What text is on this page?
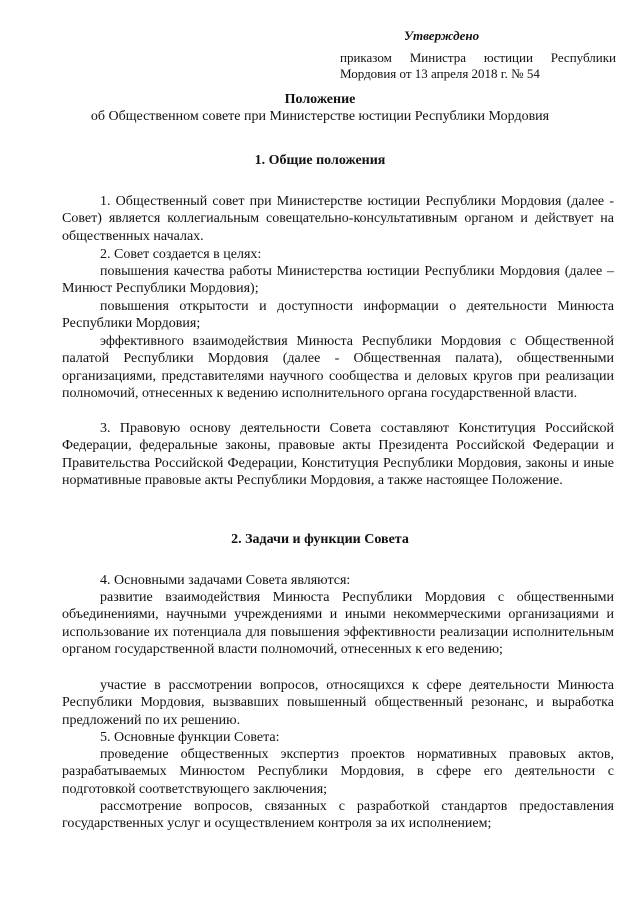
Утверждено
приказом Министра юстиции Республики Мордовия от 13 апреля 2018 г. № 54
Положение
об Общественном совете при Министерстве юстиции Республики Мордовия
1. Общие положения

1. Общественный совет при Министерстве юстиции Республики Мордовия (далее - Совет) является коллегиальным совещательно-консультативным органом и действует на общественных началах.

2. Совет создается в целях:

повышения качества работы Министерства юстиции Республики Мордовия (далее – Минюст Республики Мордовия);

повышения открытости и доступности информации о деятельности Минюста Республики Мордовия;

эффективного взаимодействия Минюста Республики Мордовия с Общественной палатой Республики Мордовия (далее - Общественная палата), общественными организациями, представителями научного сообщества и деловых кругов при реализации полномочий, отнесенных к ведению исполнительного органа государственной власти.

3. Правовую основу деятельности Совета составляют Конституция Российской Федерации, федеральные законы, правовые акты Президента Российской Федерации и Правительства Российской Федерации, Конституция Республики Мордовия, законы и иные нормативные правовые акты Республики Мордовия, а также настоящее Положение.

2. Задачи и функции Совета

4. Основными задачами Совета являются:

развитие взаимодействия Минюста Республики Мордовия с общественными объединениями, научными учреждениями и иными некоммерческими организациями и использование их потенциала для повышения эффективности реализации исполнительным органом государственной власти полномочий, отнесенных к его ведению;

участие в рассмотрении вопросов, относящихся к сфере деятельности Минюста Республики Мордовия, вызвавших повышенный общественный резонанс, и выработка предложений по их решению.

5. Основные функции Совета:

проведение общественных экспертиз проектов нормативных правовых актов, разрабатываемых Минюстом Республики Мордовия, в сфере его деятельности с подготовкой соответствующего заключения;

рассмотрение вопросов, связанных с разработкой стандартов предоставления государственных услуг и осуществлением контроля за их исполнением;
